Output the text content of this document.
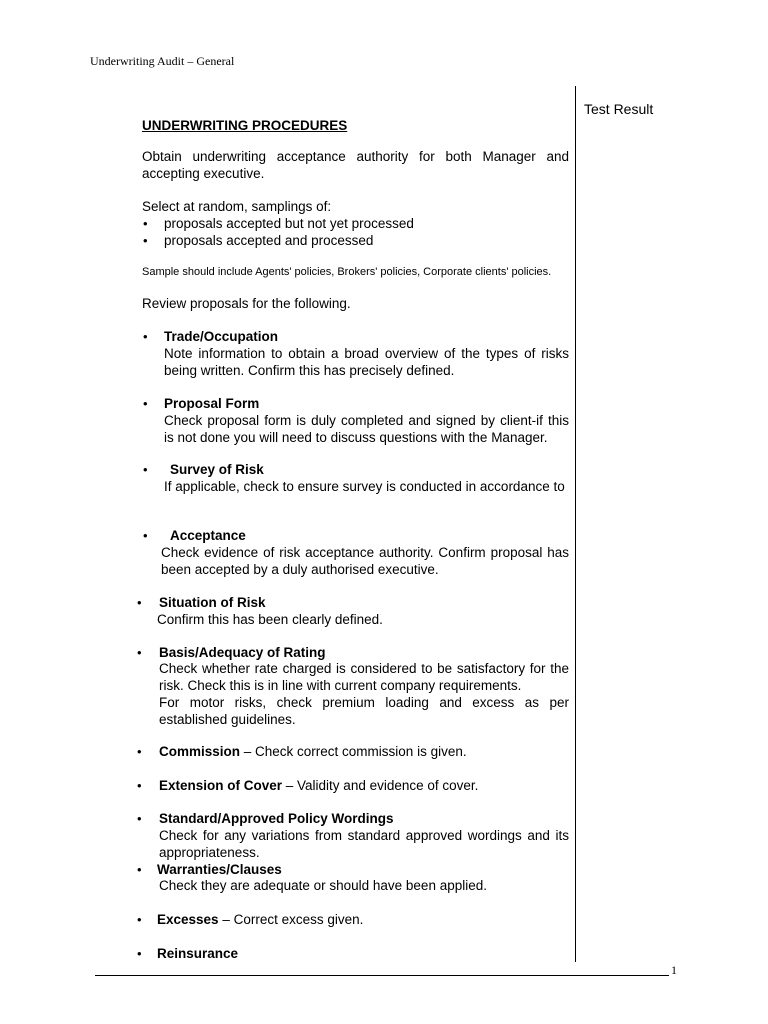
Underwriting Audit – General
Test Result
UNDERWRITING PROCEDURES
Obtain underwriting acceptance authority for both Manager and accepting executive.
Select at random, samplings of:
• proposals accepted but not yet processed
• proposals accepted and processed
Sample should include Agents' policies, Brokers' policies, Corporate clients' policies.
Review proposals for the following.
• Trade/Occupation
Note information to obtain a broad overview of the types of risks being written. Confirm this has precisely defined.
• Proposal Form
Check proposal form is duly completed and signed by client-if this is not done you will need to discuss questions with the Manager.
• Survey of Risk
If applicable, check to ensure survey is conducted in accordance to
• Acceptance
Check evidence of risk acceptance authority. Confirm proposal has been accepted by a duly authorised executive.
• Situation of Risk
Confirm this has been clearly defined.
• Basis/Adequacy of Rating
Check whether rate charged is considered to be satisfactory for the risk. Check this is in line with current company requirements.
For motor risks, check premium loading and excess as per established guidelines.
• Commission – Check correct commission is given.
• Extension of Cover – Validity and evidence of cover.
• Standard/Approved Policy Wordings
Check for any variations from standard approved wordings and its appropriateness.
• Warranties/Clauses
Check they are adequate or should have been applied.
• Excesses – Correct excess given.
• Reinsurance
1
